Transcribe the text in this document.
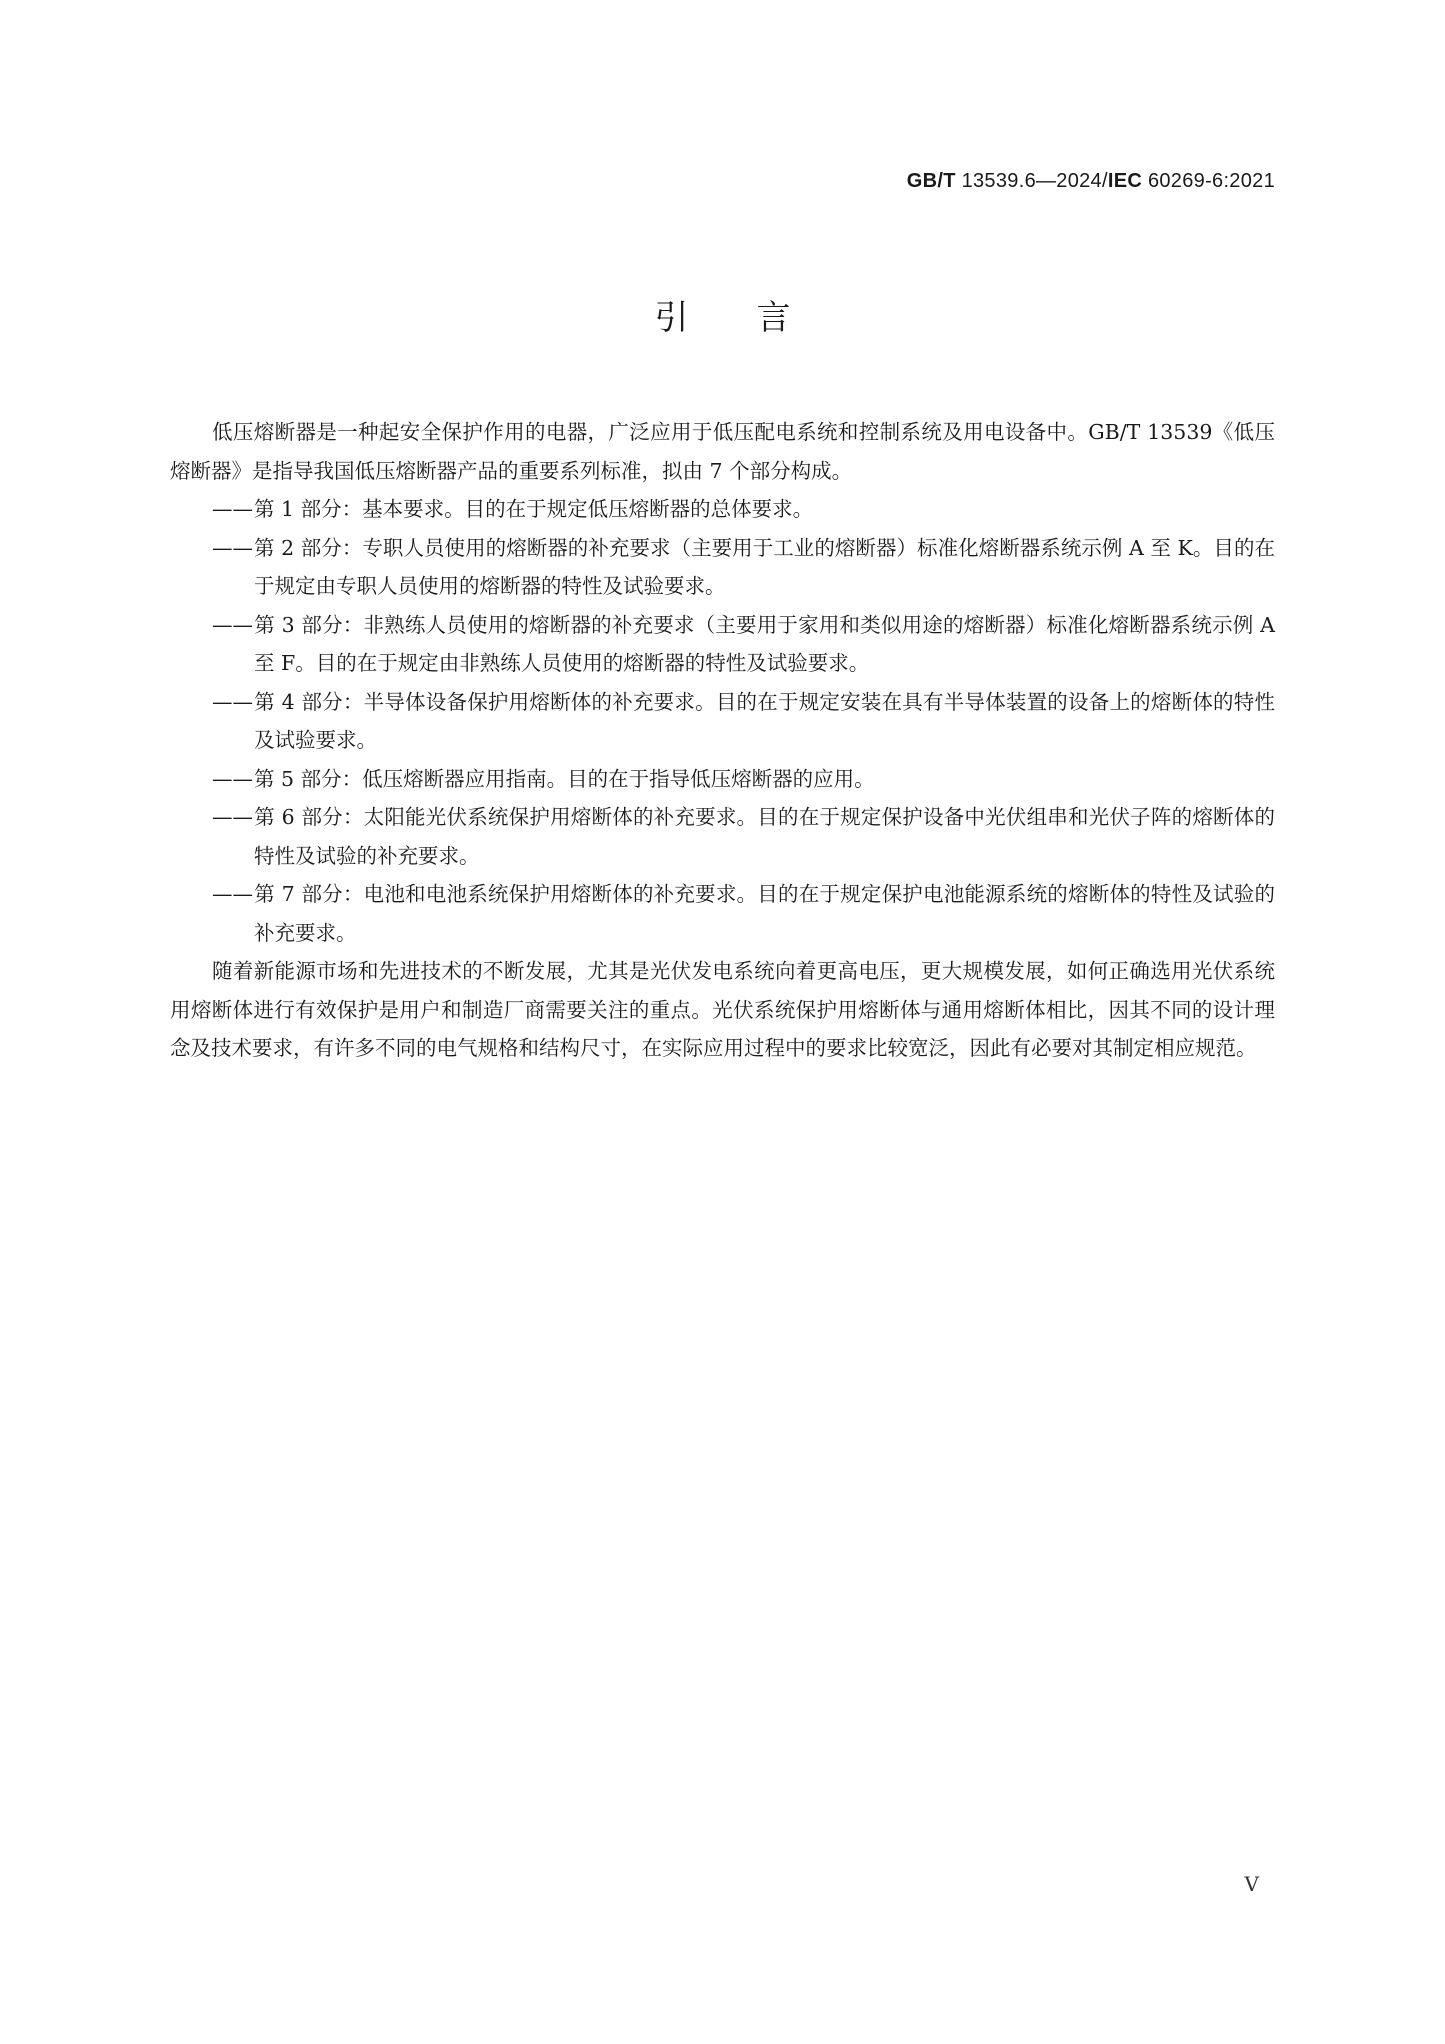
GB/T 13539.6—2024/IEC 60269-6:2021
引言

低压熔断器是一种起安全保护作用的电器，广泛应用于低压配电系统和控制系统及用电设备中。GB/T 13539《低压熔断器》是指导我国低压熔断器产品的重要系列标准，拟由 7 个部分构成。

——第 1 部分：基本要求。目的在于规定低压熔断器的总体要求。

——第 2 部分：专职人员使用的熔断器的补充要求（主要用于工业的熔断器）标准化熔断器系统示例 A 至 K。目的在于规定由专职人员使用的熔断器的特性及试验要求。

——第 3 部分：非熟练人员使用的熔断器的补充要求（主要用于家用和类似用途的熔断器）标准化熔断器系统示例 A 至 F。目的在于规定由非熟练人员使用的熔断器的特性及试验要求。

——第 4 部分：半导体设备保护用熔断体的补充要求。目的在于规定安装在具有半导体装置的设备上的熔断体的特性及试验要求。

——第 5 部分：低压熔断器应用指南。目的在于指导低压熔断器的应用。

——第 6 部分：太阳能光伏系统保护用熔断体的补充要求。目的在于规定保护设备中光伏组串和光伏子阵的熔断体的特性及试验的补充要求。

——第 7 部分：电池和电池系统保护用熔断体的补充要求。目的在于规定保护电池能源系统的熔断体的特性及试验的补充要求。

随着新能源市场和先进技术的不断发展，尤其是光伏发电系统向着更高电压，更大规模发展，如何正确选用光伏系统用熔断体进行有效保护是用户和制造厂商需要关注的重点。光伏系统保护用熔断体与通用熔断体相比，因其不同的设计理念及技术要求，有许多不同的电气规格和结构尺寸，在实际应用过程中的要求比较宽泛，因此有必要对其制定相应规范。

V
